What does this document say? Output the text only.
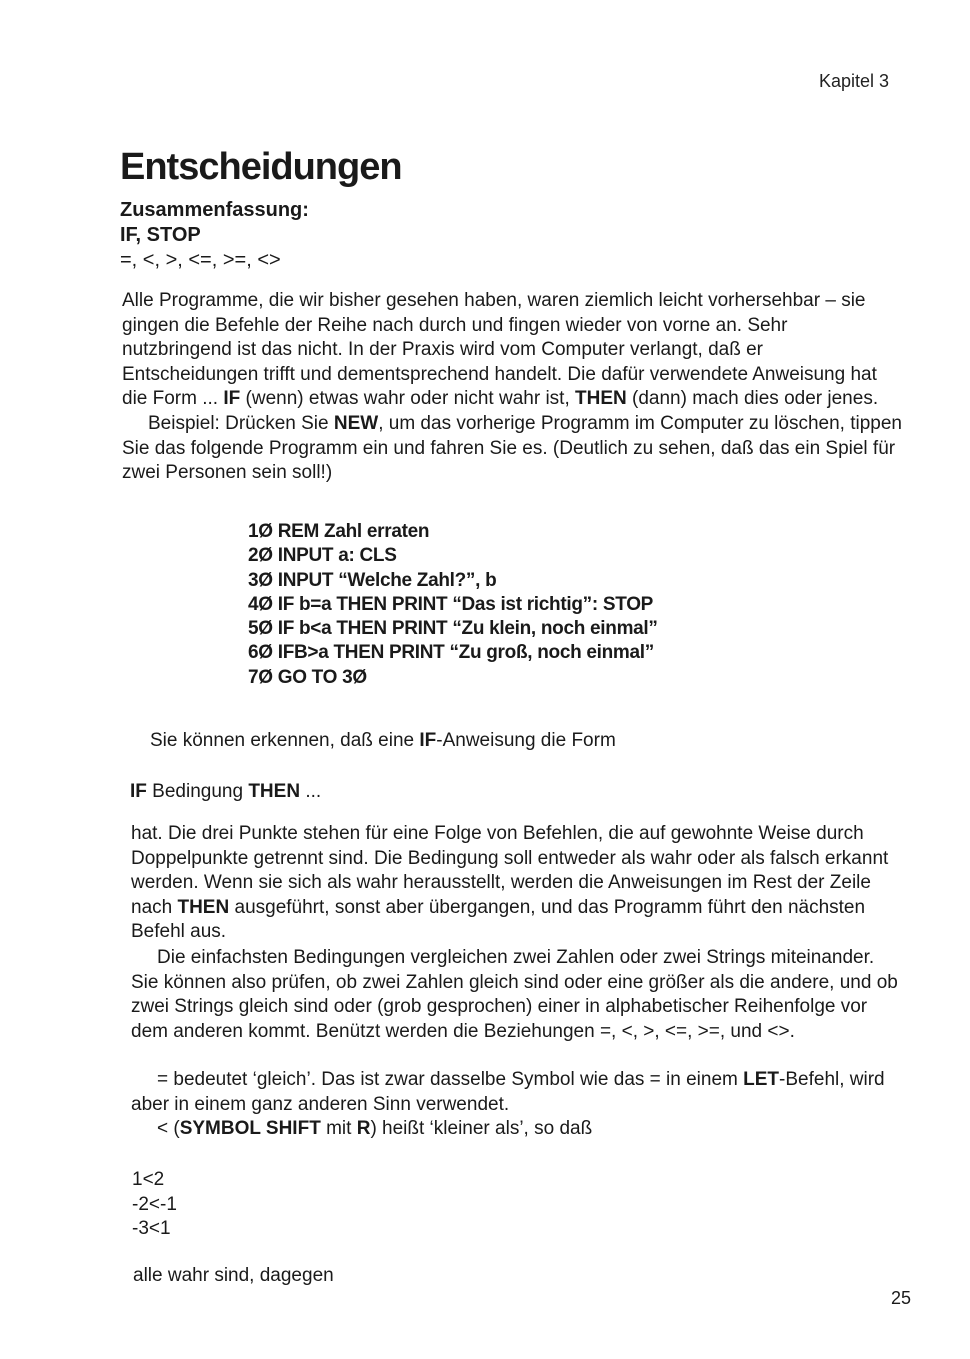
Kapitel 3
Entscheidungen
Zusammenfassung:
IF, STOP
=, <, >, <=, >=, <>

Alle Programme, die wir bisher gesehen haben, waren ziemlich leicht vorhersehbar – sie gingen die Befehle der Reihe nach durch und fingen wieder von vorne an. Sehr nutzbringend ist das nicht. In der Praxis wird vom Computer verlangt, daß er Entscheidungen trifft und dementsprechend handelt. Die dafür verwendete Anweisung hat die Form ... IF (wenn) etwas wahr oder nicht wahr ist, THEN (dann) mach dies oder jenes.

Beispiel: Drücken Sie NEW, um das vorherige Programm im Computer zu löschen, tippen Sie das folgende Programm ein und fahren Sie es. (Deutlich zu sehen, daß das ein Spiel für zwei Personen sein soll!)

1Ø REM Zahl erraten
2Ø INPUT a: CLS
3Ø INPUT “Welche Zahl?”, b
4Ø IF b=a THEN PRINT “Das ist richtig”: STOP
5Ø IF b<a THEN PRINT “Zu klein, noch einmal”
6Ø IFB>a THEN PRINT “Zu groß, noch einmal”
7Ø GO TO 3Ø
Sie können erkennen, daß eine IF-Anweisung die Form
IF Bedingung THEN ...

hat. Die drei Punkte stehen für eine Folge von Befehlen, die auf gewohnte Weise durch Doppelpunkte getrennt sind. Die Bedingung soll entweder als wahr oder als falsch erkannt werden. Wenn sie sich als wahr herausstellt, werden die Anweisungen im Rest der Zeile nach THEN ausgeführt, sonst aber übergangen, und das Programm führt den nächsten Befehl aus.

Die einfachsten Bedingungen vergleichen zwei Zahlen oder zwei Strings miteinander. Sie können also prüfen, ob zwei Zahlen gleich sind oder eine größer als die andere, und ob zwei Strings gleich sind oder (grob gesprochen) einer in alphabetischer Reihenfolge vor dem anderen kommt. Benützt werden die Beziehungen =, <, >, <=, >=, und <>.

= bedeutet ‘gleich’. Das ist zwar dasselbe Symbol wie das = in einem LET-Befehl, wird aber in einem ganz anderen Sinn verwendet.

< (SYMBOL SHIFT mit R) heißt ‘kleiner als’, so daß

1<2
-2<-1
-3<1
alle wahr sind, dagegen
25
